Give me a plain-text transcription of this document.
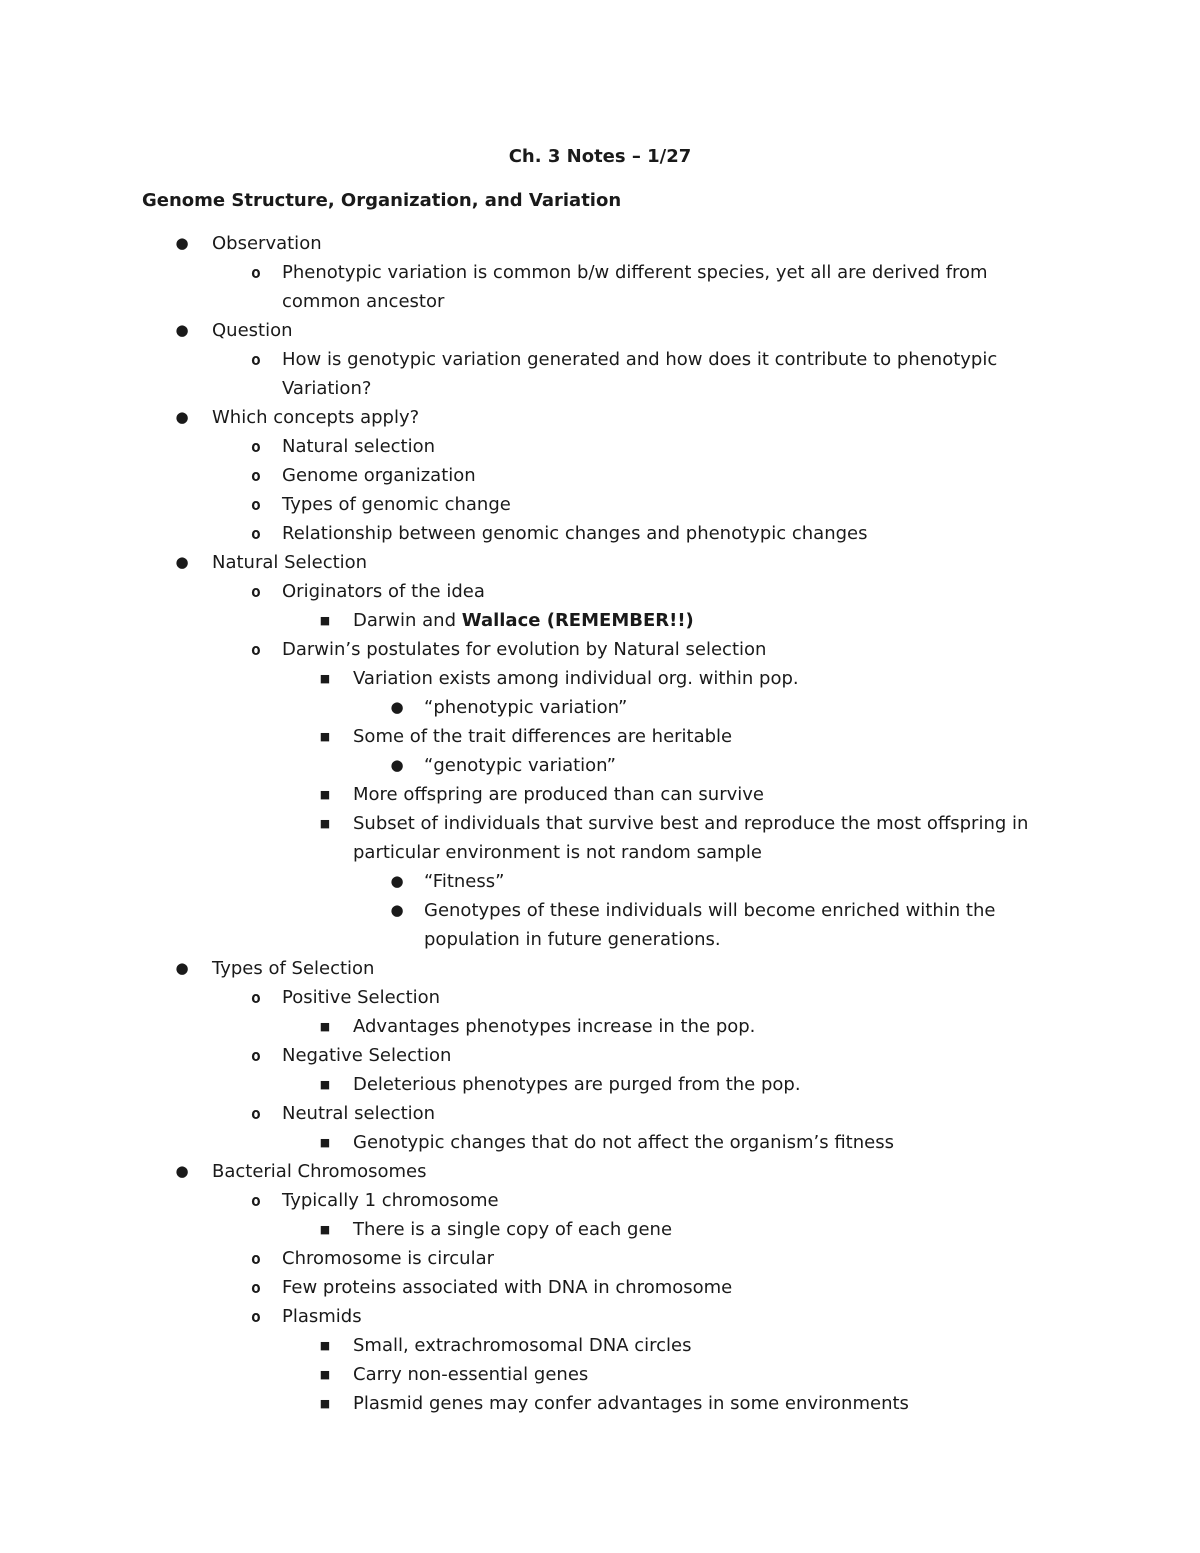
Ch. 3 Notes – 1/27
Genome Structure, Organization, and Variation
● Observation
o Phenotypic variation is common b/w different species, yet all are derived from common ancestor
● Question
o How is genotypic variation generated and how does it contribute to phenotypic Variation?
● Which concepts apply?
o Natural selection
o Genome organization
o Types of genomic change
o Relationship between genomic changes and phenotypic changes
● Natural Selection
o Originators of the idea
■ Darwin and Wallace (REMEMBER!!)
o Darwin’s postulates for evolution by Natural selection
■ Variation exists among individual org. within pop.
● “phenotypic variation”
■ Some of the trait differences are heritable
● “genotypic variation”
■ More offspring are produced than can survive
■ Subset of individuals that survive best and reproduce the most offspring in particular environment is not random sample
● “Fitness”
● Genotypes of these individuals will become enriched within the population in future generations.
● Types of Selection
o Positive Selection
■ Advantages phenotypes increase in the pop.
o Negative Selection
■ Deleterious phenotypes are purged from the pop.
o Neutral selection
■ Genotypic changes that do not affect the organism’s fitness
● Bacterial Chromosomes
o Typically 1 chromosome
■ There is a single copy of each gene
o Chromosome is circular
o Few proteins associated with DNA in chromosome
o Plasmids
■ Small, extrachromosomal DNA circles
■ Carry non-essential genes
■ Plasmid genes may confer advantages in some environments
